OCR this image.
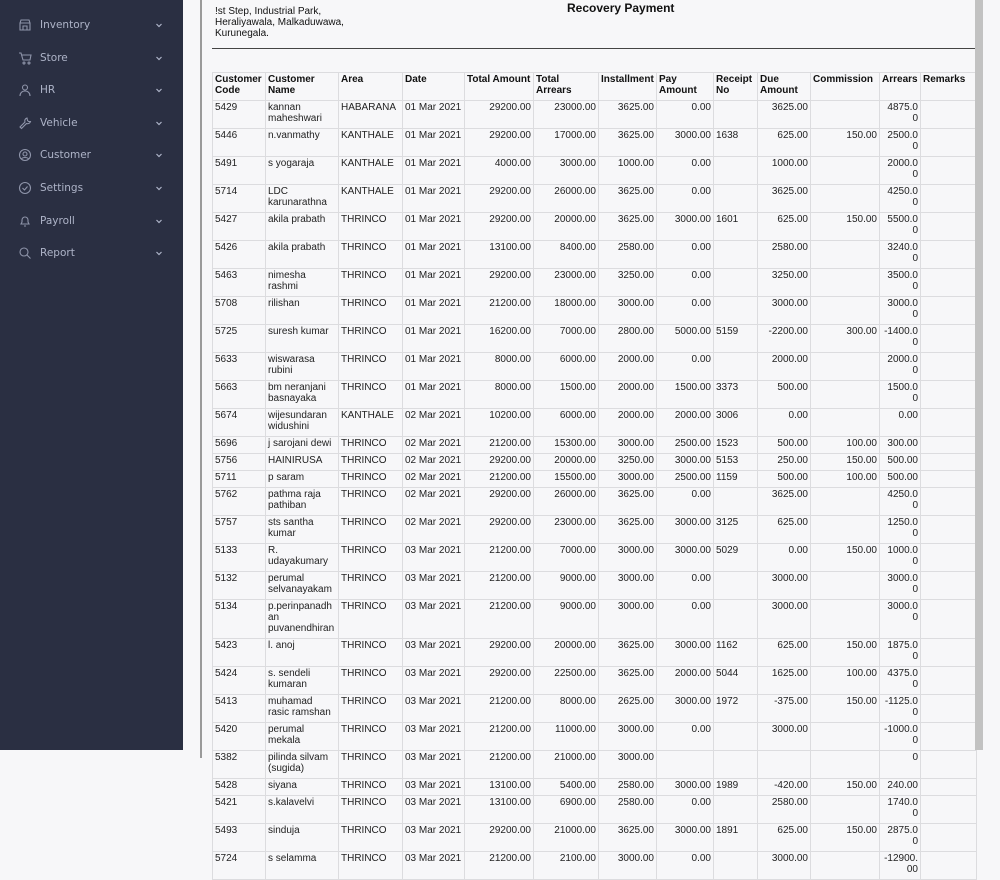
Inventory
Store
HR
Vehicle
Customer
Settings
Payroll
Report
!st Step, Industrial Park,
Heraliyawala, Malkaduwawa,
Kurunegala.
Recovery Payment
Customer Code	Customer Name	Area	Date	Total Amount	Total Arrears	Installment	Pay Amount	Receipt No	Due Amount	Commission	Arrears	Remarks
5429	kannan maheshwari	HABARANA	01 Mar 2021	29200.00	23000.00	3625.00	0.00		3625.00		4875.00	
5446	n.vanmathy	KANTHALE	01 Mar 2021	29200.00	17000.00	3625.00	3000.00	1638	625.00	150.00	2500.00	
5491	s yogaraja	KANTHALE	01 Mar 2021	4000.00	3000.00	1000.00	0.00		1000.00		2000.00	
5714	LDC karunarathna	KANTHALE	01 Mar 2021	29200.00	26000.00	3625.00	0.00		3625.00		4250.00	
5427	akila prabath	THRINCO	01 Mar 2021	29200.00	20000.00	3625.00	3000.00	1601	625.00	150.00	5500.00	
5426	akila prabath	THRINCO	01 Mar 2021	13100.00	8400.00	2580.00	0.00		2580.00		3240.00	
5463	nimesha rashmi	THRINCO	01 Mar 2021	29200.00	23000.00	3250.00	0.00		3250.00		3500.00	
5708	rilishan	THRINCO	01 Mar 2021	21200.00	18000.00	3000.00	0.00		3000.00		3000.00	
5725	suresh kumar	THRINCO	01 Mar 2021	16200.00	7000.00	2800.00	5000.00	5159	-2200.00	300.00	-1400.00	
5633	wiswarasa rubini	THRINCO	01 Mar 2021	8000.00	6000.00	2000.00	0.00		2000.00		2000.00	
5663	bm neranjani basnayaka	THRINCO	01 Mar 2021	8000.00	1500.00	2000.00	1500.00	3373	500.00		1500.00	
5674	wijesundaran widushini	KANTHALE	02 Mar 2021	10200.00	6000.00	2000.00	2000.00	3006	0.00		0.00	
5696	j sarojani dewi	THRINCO	02 Mar 2021	21200.00	15300.00	3000.00	2500.00	1523	500.00	100.00	300.00	
5756	HAINIRUSA	THRINCO	02 Mar 2021	29200.00	20000.00	3250.00	3000.00	5153	250.00	150.00	500.00	
5711	p saram	THRINCO	02 Mar 2021	21200.00	15500.00	3000.00	2500.00	1159	500.00	100.00	500.00	
5762	pathma raja pathiban	THRINCO	02 Mar 2021	29200.00	26000.00	3625.00	0.00		3625.00		4250.00	
5757	sts santha kumar	THRINCO	02 Mar 2021	29200.00	23000.00	3625.00	3000.00	3125	625.00		1250.00	
5133	R. udayakumary	THRINCO	03 Mar 2021	21200.00	7000.00	3000.00	3000.00	5029	0.00	150.00	1000.00	
5132	perumal selvanayakam	THRINCO	03 Mar 2021	21200.00	9000.00	3000.00	0.00		3000.00		3000.00	
5134	p.perinpanadhan puvanendhiran	THRINCO	03 Mar 2021	21200.00	9000.00	3000.00	0.00		3000.00		3000.00	
5423	l. anoj	THRINCO	03 Mar 2021	29200.00	20000.00	3625.00	3000.00	1162	625.00	150.00	1875.00	
5424	s. sendeli kumaran	THRINCO	03 Mar 2021	29200.00	22500.00	3625.00	2000.00	5044	1625.00	100.00	4375.00	
5413	muhamad rasic ramshan	THRINCO	03 Mar 2021	21200.00	8000.00	2625.00	3000.00	1972	-375.00	150.00	-1125.00	
5420	perumal mekala	THRINCO	03 Mar 2021	21200.00	11000.00	3000.00	0.00		3000.00		-1000.00	
5382	pilinda silvam (sugida)	THRINCO	03 Mar 2021	21200.00	21000.00	3000.00					0	
5428	siyana	THRINCO	03 Mar 2021	13100.00	5400.00	2580.00	3000.00	1989	-420.00	150.00	240.00	
5421	s.kalavelvi	THRINCO	03 Mar 2021	13100.00	6900.00	2580.00	0.00		2580.00		1740.00	
5493	sinduja	THRINCO	03 Mar 2021	29200.00	21000.00	3625.00	3000.00	1891	625.00	150.00	2875.00	
5724	s selamma	THRINCO	03 Mar 2021	21200.00	2100.00	3000.00	0.00		3000.00		-12900.00	
